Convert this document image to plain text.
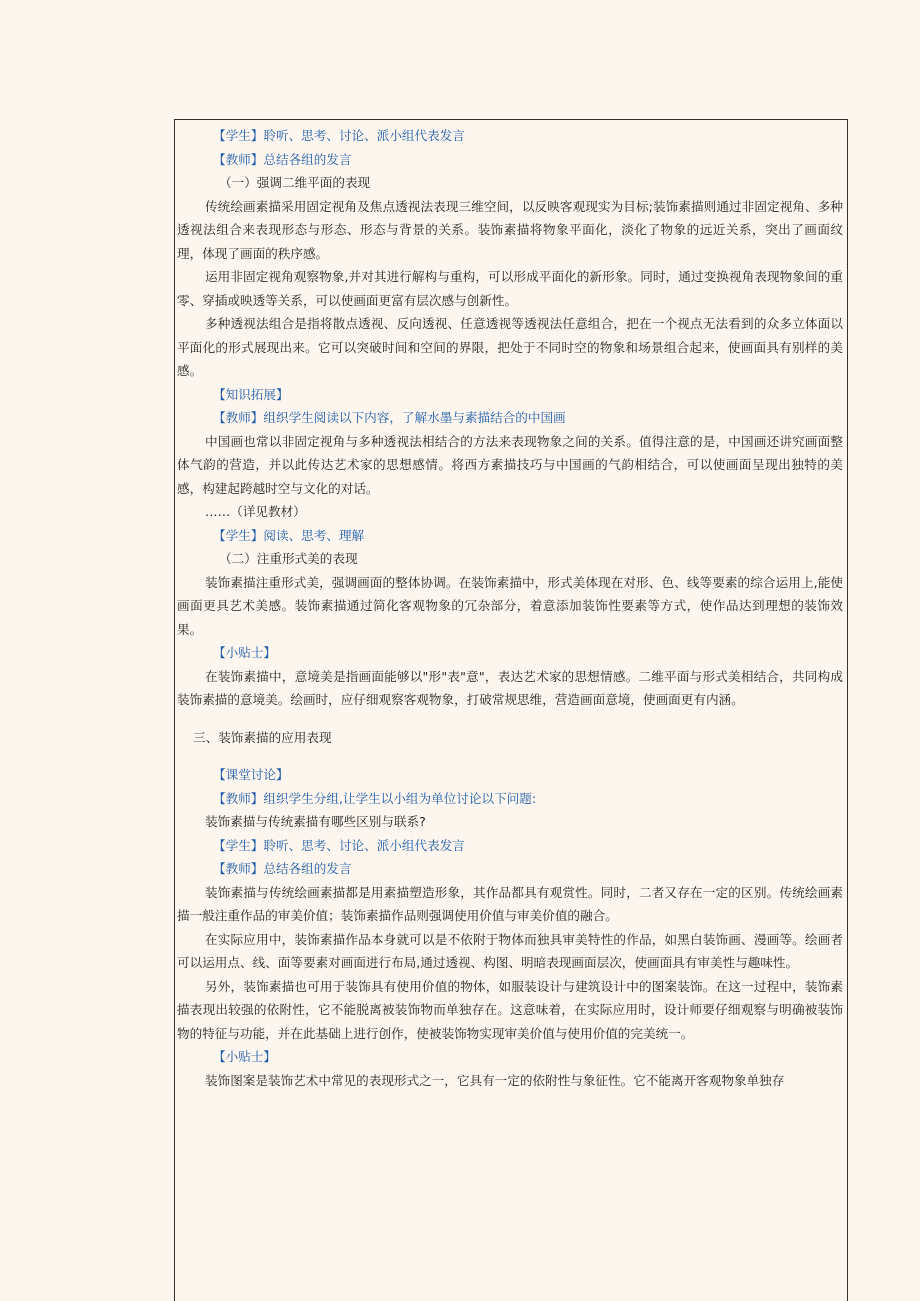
【学生】聆听、思考、讨论、派小组代表发言

【教师】总结各组的发言

（一）强调二维平面的表现

传统绘画素描采用固定视角及焦点透视法表现三维空间，以反映客观现实为目标;装饰素描则通过非固定视角、多种透视法组合来表现形态与形态、形态与背景的关系。装饰素描将物象平面化，淡化了物象的远近关系，突出了画面纹理，体现了画面的秩序感。

运用非固定视角观察物象,并对其进行解构与重构，可以形成平面化的新形象。同时，通过变换视角表现物象间的重零、穿插或映透等关系，可以使画面更富有层次感与创新性。

多种透视法组合是指将散点透视、反向透视、任意透视等透视法任意组合，把在一个视点无法看到的众多立体面以平面化的形式展现出来。它可以突破时间和空间的界限，把处于不同时空的物象和场景组合起来，使画面具有别样的美感。

【知识拓展】

【教师】组织学生阅读以下内容，了解水墨与素描结合的中国画

中国画也常以非固定视角与多种透视法相结合的方法来表现物象之间的关系。值得注意的是，中国画还讲究画面整体气韵的营造，并以此传达艺术家的思想感情。将西方素描技巧与中国画的气韵相结合，可以使画面呈现出独特的美感，构建起跨越时空与文化的对话。

……（详见教材）

【学生】阅读、思考、理解

（二）注重形式美的表现

装饰素描注重形式美，强调画面的整体协调。在装饰素描中，形式美体现在对形、色、线等要素的综合运用上,能使画面更具艺术美感。装饰素描通过简化客观物象的冗杂部分，着意添加装饰性要素等方式，使作品达到理想的装饰效果。

【小贴士】

在装饰素描中，意境美是指画面能够以"形"表"意"，表达艺术家的思想情感。二维平面与形式美相结合，共同构成装饰素描的意境美。绘画时，应仔细观察客观物象，打破常规思维，营造画面意境，使画面更有内涵。

三、装饰素描的应用表现

【课堂讨论】

【教师】组织学生分组,让学生以小组为单位讨论以下问题:

装饰素描与传统素描有哪些区别与联系?

【学生】聆听、思考、讨论、派小组代表发言

【教师】总结各组的发言

装饰素描与传统绘画素描都是用素描塑造形象，其作品都具有观赏性。同时，二者又存在一定的区别。传统绘画素描一般注重作品的审美价值；装饰素描作品则强调使用价值与审美价值的融合。

在实际应用中，装饰素描作品本身就可以是不依附于物体而独具审美特性的作品，如黑白装饰画、漫画等。绘画者可以运用点、线、面等要素对画面进行布局,通过透视、构图、明暗表现画面层次，使画面具有审美性与趣味性。

另外，装饰素描也可用于装饰具有使用价值的物体，如服装设计与建筑设计中的图案装饰。在这一过程中，装饰素描表现出较强的依附性，它不能脱离被装饰物而单独存在。这意味着，在实际应用时，设计师要仔细观察与明确被装饰物的特征与功能，并在此基础上进行创作，使被装饰物实现审美价值与使用价值的完美统一。

【小贴士】

装饰图案是装饰艺术中常见的表现形式之一，它具有一定的依附性与象征性。它不能离开客观物象单独存
